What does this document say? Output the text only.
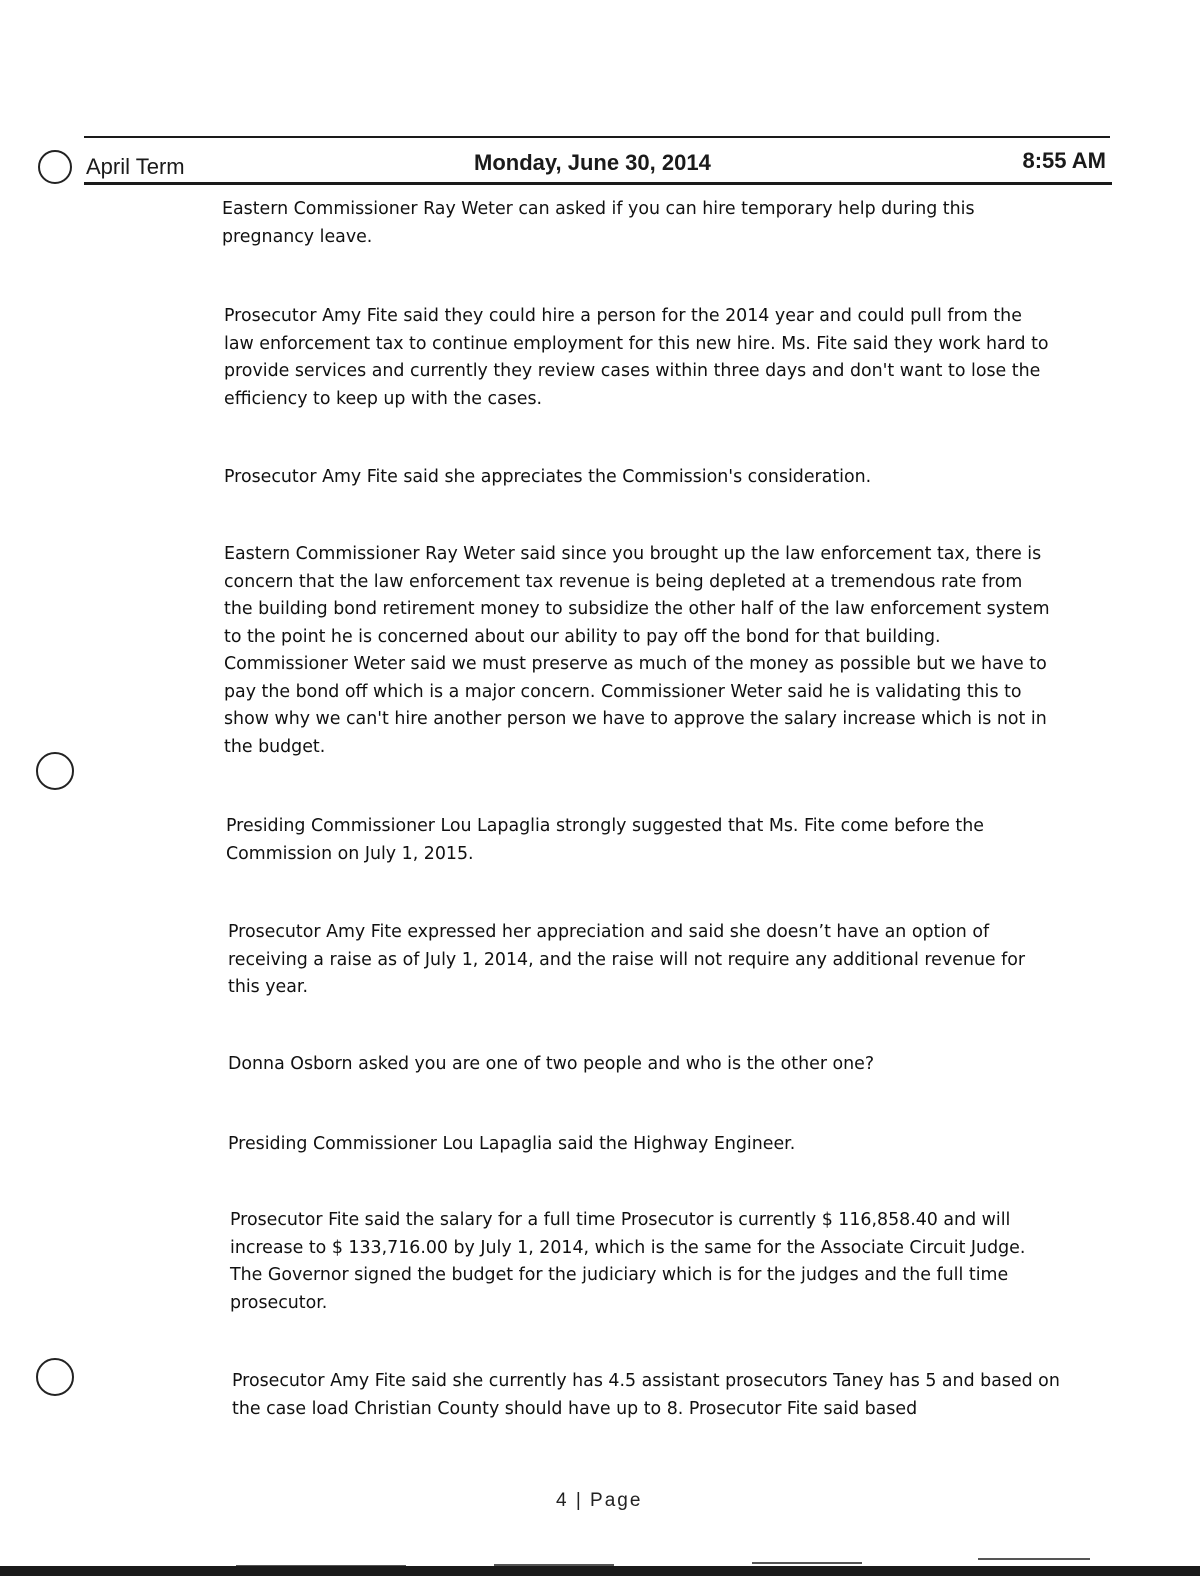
April Term	Monday, June 30, 2014	8:55 AM

Eastern Commissioner Ray Weter can asked if you can hire temporary help during this pregnancy leave.

Prosecutor Amy Fite said they could hire a person for the 2014 year and could pull from the law enforcement tax to continue employment for this new hire. Ms. Fite said they work hard to provide services and currently they review cases within three days and don't want to lose the efficiency to keep up with the cases.

Prosecutor Amy Fite said she appreciates the Commission's consideration.

Eastern Commissioner Ray Weter said since you brought up the law enforcement tax, there is concern that the law enforcement tax revenue is being depleted at a tremendous rate from the building bond retirement money to subsidize the other half of the law enforcement system to the point he is concerned about our ability to pay off the bond for that building. Commissioner Weter said we must preserve as much of the money as possible but we have to pay the bond off which is a major concern. Commissioner Weter said he is validating this to show why we can't hire another person we have to approve the salary increase which is not in the budget.

Presiding Commissioner Lou Lapaglia strongly suggested that Ms. Fite come before the Commission on July 1, 2015.

Prosecutor Amy Fite expressed her appreciation and said she doesn’t have an option of receiving a raise as of July 1, 2014, and the raise will not require any additional revenue for this year.

Donna Osborn asked you are one of two people and who is the other one?

Presiding Commissioner Lou Lapaglia said the Highway Engineer.

Prosecutor Fite said the salary for a full time Prosecutor is currently $ 116,858.40 and will increase to $ 133,716.00 by July 1, 2014, which is the same for the Associate Circuit Judge. The Governor signed the budget for the judiciary which is for the judges and the full time prosecutor.

Prosecutor Amy Fite said she currently has 4.5 assistant prosecutors Taney has 5 and based on the case load Christian County should have up to 8. Prosecutor Fite said based

4 | Page
